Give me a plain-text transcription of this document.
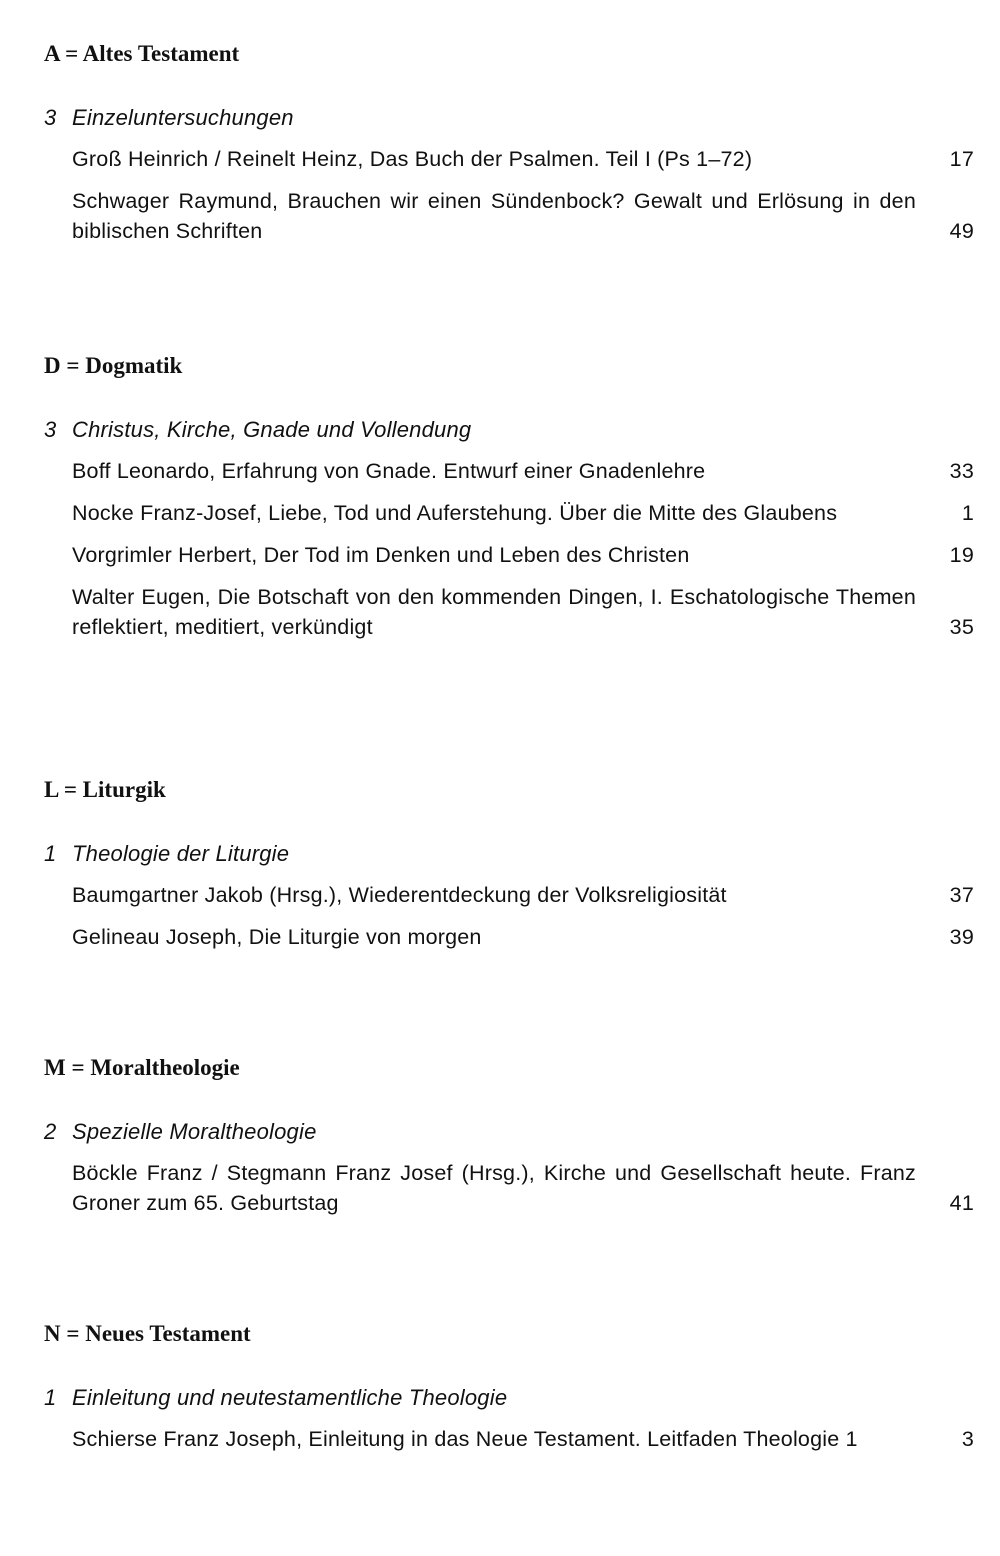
A = Altes Testament
3 Einzeluntersuchungen
Groß Heinrich / Reinelt Heinz, Das Buch der Psalmen. Teil I (Ps 1–72)	17
Schwager Raymund, Brauchen wir einen Sündenbock? Gewalt und Erlösung in den biblischen Schriften	49
D = Dogmatik
3 Christus, Kirche, Gnade und Vollendung
Boff Leonardo, Erfahrung von Gnade. Entwurf einer Gnadenlehre	33
Nocke Franz-Josef, Liebe, Tod und Auferstehung. Über die Mitte des Glaubens	1
Vorgrimler Herbert, Der Tod im Denken und Leben des Christen	19
Walter Eugen, Die Botschaft von den kommenden Dingen, I. Eschatologische Themen reflektiert, meditiert, verkündigt	35
L = Liturgik
1 Theologie der Liturgie
Baumgartner Jakob (Hrsg.), Wiederentdeckung der Volksreligiosität	37
Gelineau Joseph, Die Liturgie von morgen	39
M = Moraltheologie
2 Spezielle Moraltheologie
Böckle Franz / Stegmann Franz Josef (Hrsg.), Kirche und Gesellschaft heute. Franz Groner zum 65. Geburtstag	41
N = Neues Testament
1 Einleitung und neutestamentliche Theologie
Schierse Franz Joseph, Einleitung in das Neue Testament. Leitfaden Theologie 1	3
